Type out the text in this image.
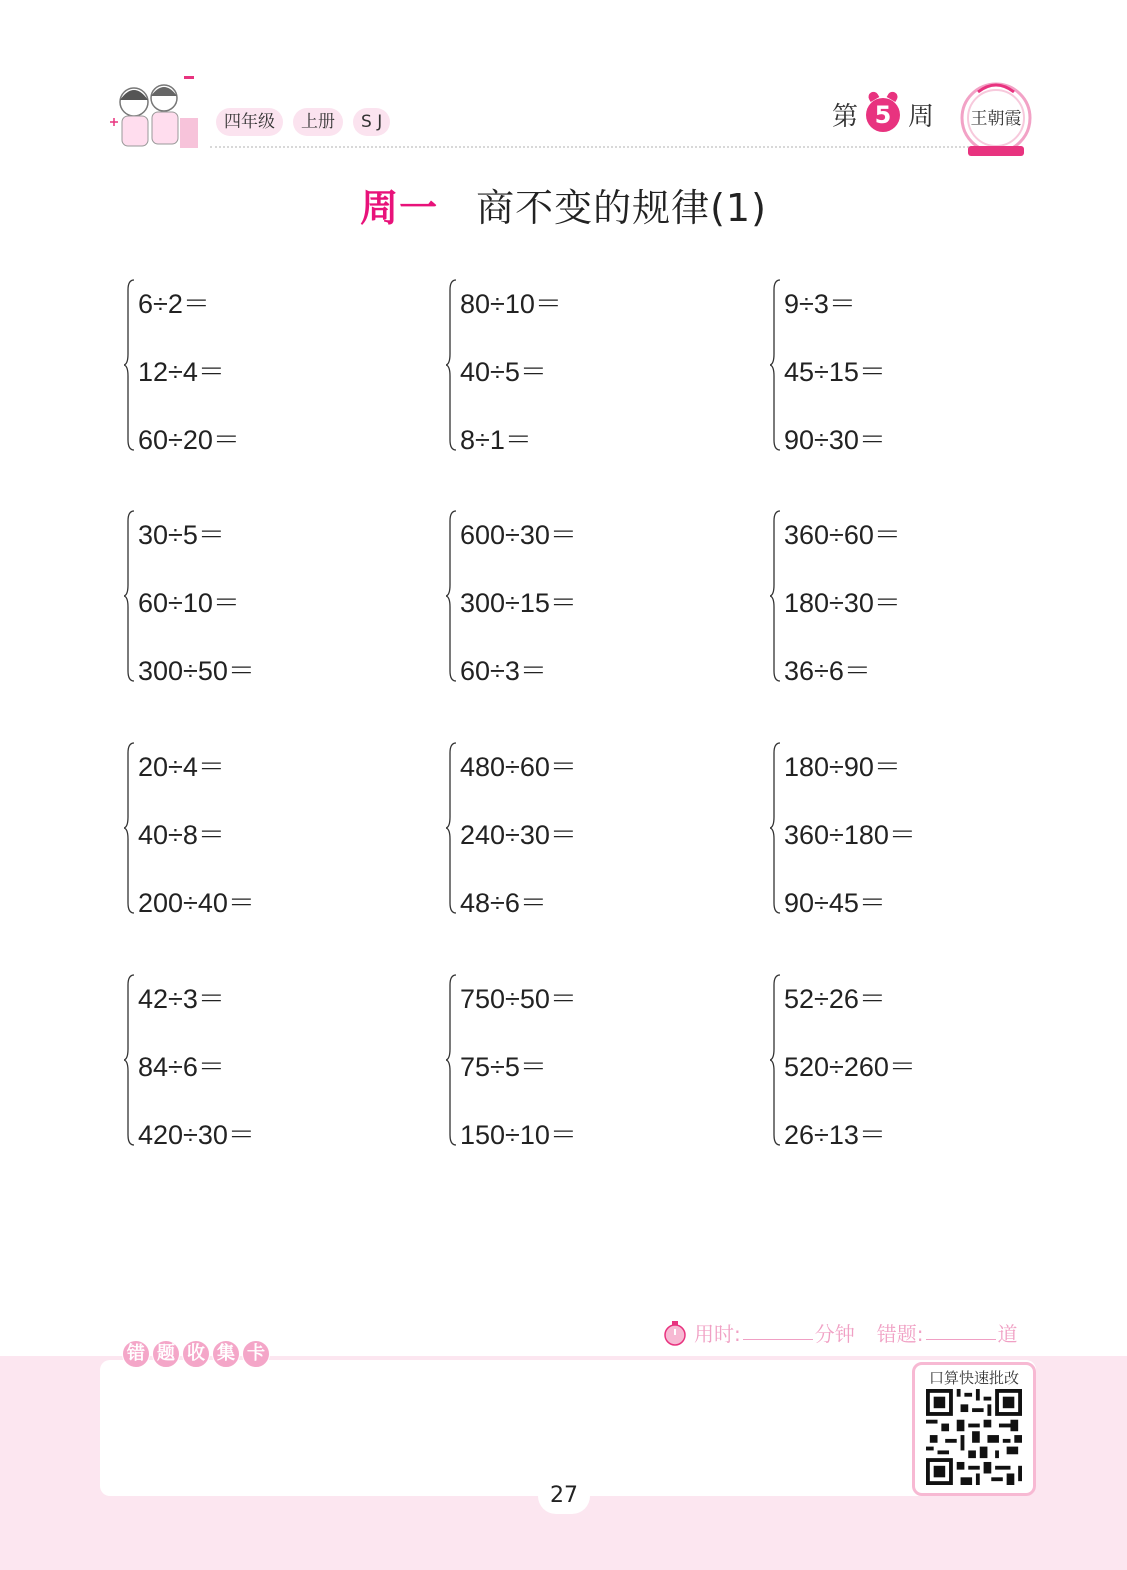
四年级	上册	S J	第 5 周 王朝霞
周一 商不变的规律(1)
6÷2＝
12÷4＝
60÷20＝
80÷10＝
40÷5＝
8÷1＝
9÷3＝
45÷15＝
90÷30＝
30÷5＝
60÷10＝
300÷50＝
600÷30＝
300÷15＝
60÷3＝
360÷60＝
180÷30＝
36÷6＝
20÷4＝
40÷8＝
200÷40＝
480÷60＝
240÷30＝
48÷6＝
180÷90＝
360÷180＝
90÷45＝
42÷3＝
84÷6＝
420÷30＝
750÷50＝
75÷5＝
150÷10＝
52÷26＝
520÷260＝
26÷13＝
用时:	分钟 错题:	道
错 题 收 集 卡
口算快速批改
27
